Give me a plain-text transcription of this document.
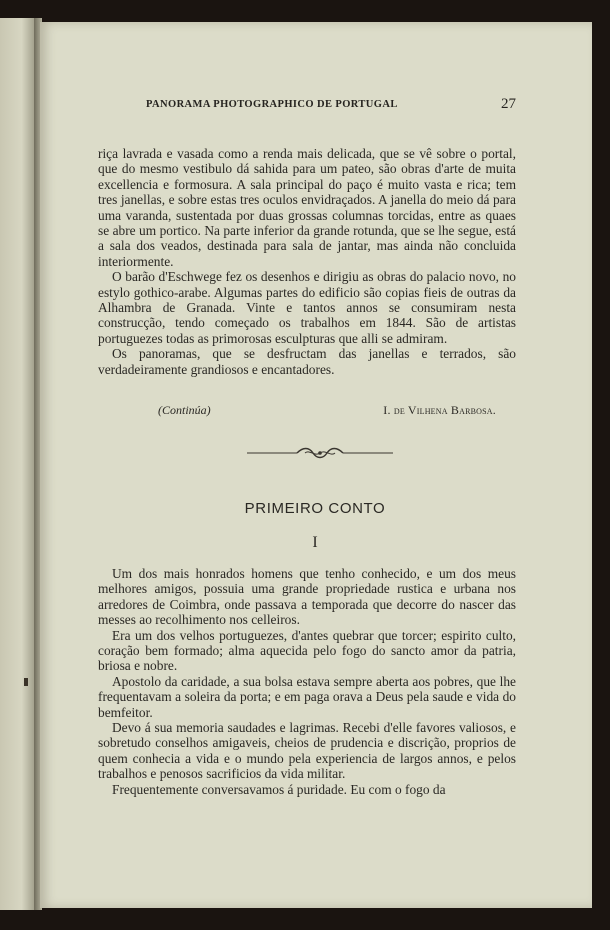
PANORAMA PHOTOGRAPHICO DE PORTUGAL	27

riça lavrada e vasada como a renda mais delicada, que se vê sobre o portal, que do mesmo vestibulo dá sahida para um pateo, são obras d'arte de muita excellencia e formosura. A sala principal do paço é muito vasta e rica; tem tres janellas, e sobre estas tres oculos envidraçados. A janella do meio dá para uma varanda, sustentada por duas grossas columnas torcidas, entre as quaes se abre um portico. Na parte inferior da grande rotunda, que se lhe segue, está a sala dos veados, destinada para sala de jantar, mas ainda não concluida interiormente.

O barão d'Eschwege fez os desenhos e dirigiu as obras do palacio novo, no estylo gothico-arabe. Algumas partes do edificio são copias fieis de outras da Alhambra de Granada. Vinte e tantos annos se consumiram nesta construcção, tendo começado os trabalhos em 1844. São de artistas portuguezes todas as primorosas esculpturas que alli se admiram.

Os panoramas, que se desfructam das janellas e terrados, são verdadeiramente grandiosos e encantadores.

(Continúa)	I. de Vilhena Barbosa.
PRIMEIRO CONTO
I

Um dos mais honrados homens que tenho conhecido, e um dos meus melhores amigos, possuia uma grande propriedade rustica e urbana nos arredores de Coimbra, onde passava a temporada que decorre do nascer das messes ao recolhimento nos celleiros.

Era um dos velhos portuguezes, d'antes quebrar que torcer; espirito culto, coração bem formado; alma aquecida pelo fogo do sancto amor da patria, briosa e nobre.

Apostolo da caridade, a sua bolsa estava sempre aberta aos pobres, que lhe frequentavam a soleira da porta; e em paga orava a Deus pela saude e vida do bemfeitor.

Devo á sua memoria saudades e lagrimas. Recebi d'elle favores valiosos, e sobretudo conselhos amigaveis, cheios de prudencia e discrição, proprios de quem conhecia a vida e o mundo pela experiencia de largos annos, e pelos trabalhos e penosos sacrificios da vida militar.

Frequentemente conversavamos á puridade. Eu com o fogo da
